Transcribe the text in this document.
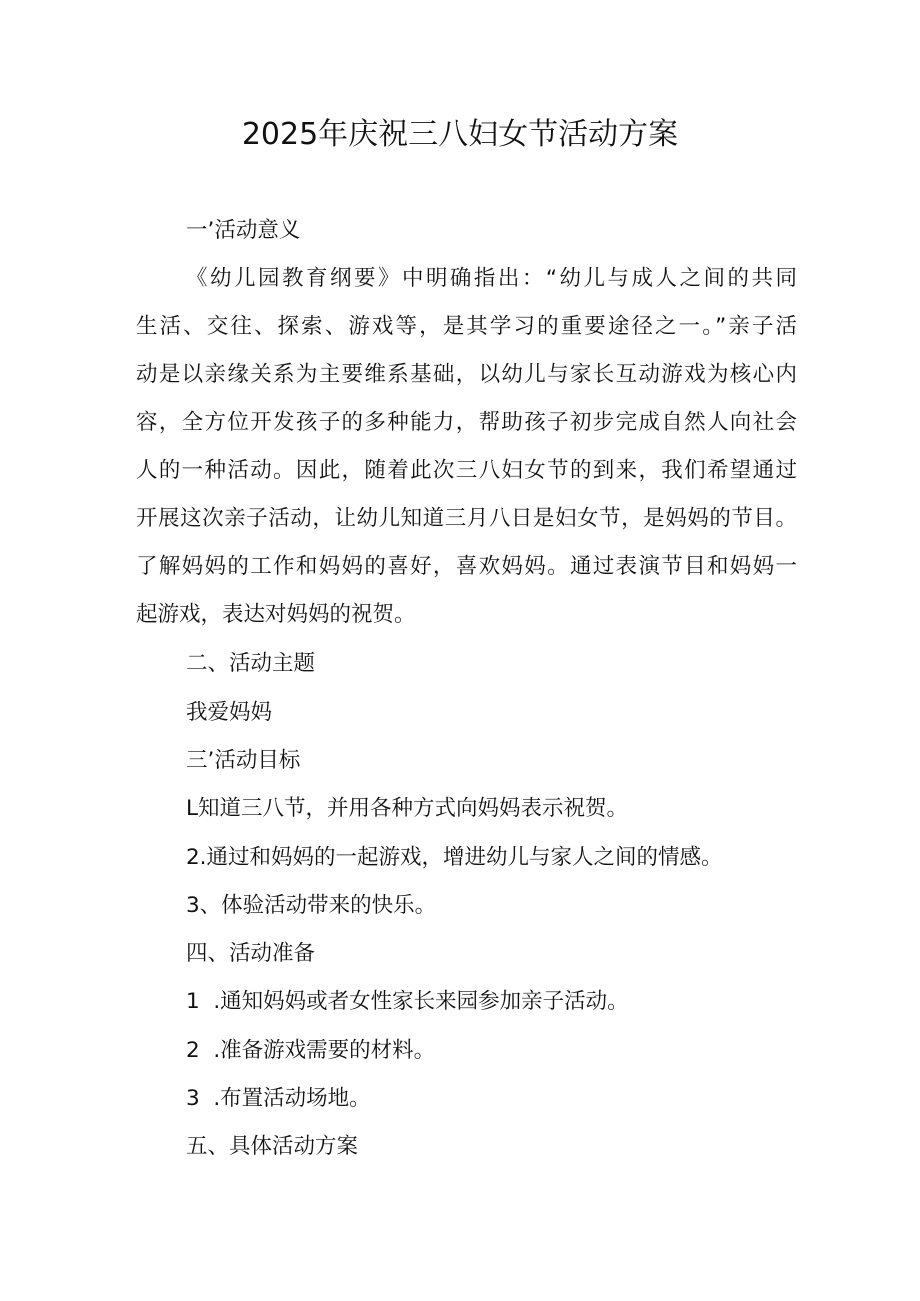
2025年庆祝三八妇女节活动方案
一’活动意义
《幼儿园教育纲要》中明确指出：“幼儿与成人之间的共同
生活、交往、探索、游戏等，是其学习的重要途径之一。”亲子活
动是以亲缘关系为主要维系基础，以幼儿与家长互动游戏为核心内
容，全方位开发孩子的多种能力，帮助孩子初步完成自然人向社会
人的一种活动。因此，随着此次三八妇女节的到来，我们希望通过
开展这次亲子活动，让幼儿知道三月八日是妇女节，是妈妈的节目。
了解妈妈的工作和妈妈的喜好，喜欢妈妈。通过表演节目和妈妈一
起游戏，表达对妈妈的祝贺。
二、活动主题
我爱妈妈
三’活动目标
L知道三八节，并用各种方式向妈妈表示祝贺。
2.通过和妈妈的一起游戏，增进幼儿与家人之间的情感。
3、体验活动带来的快乐。
四、活动准备
1  .通知妈妈或者女性家长来园参加亲子活动。
2  .准备游戏需要的材料。
3  .布置活动场地。
五、具体活动方案
